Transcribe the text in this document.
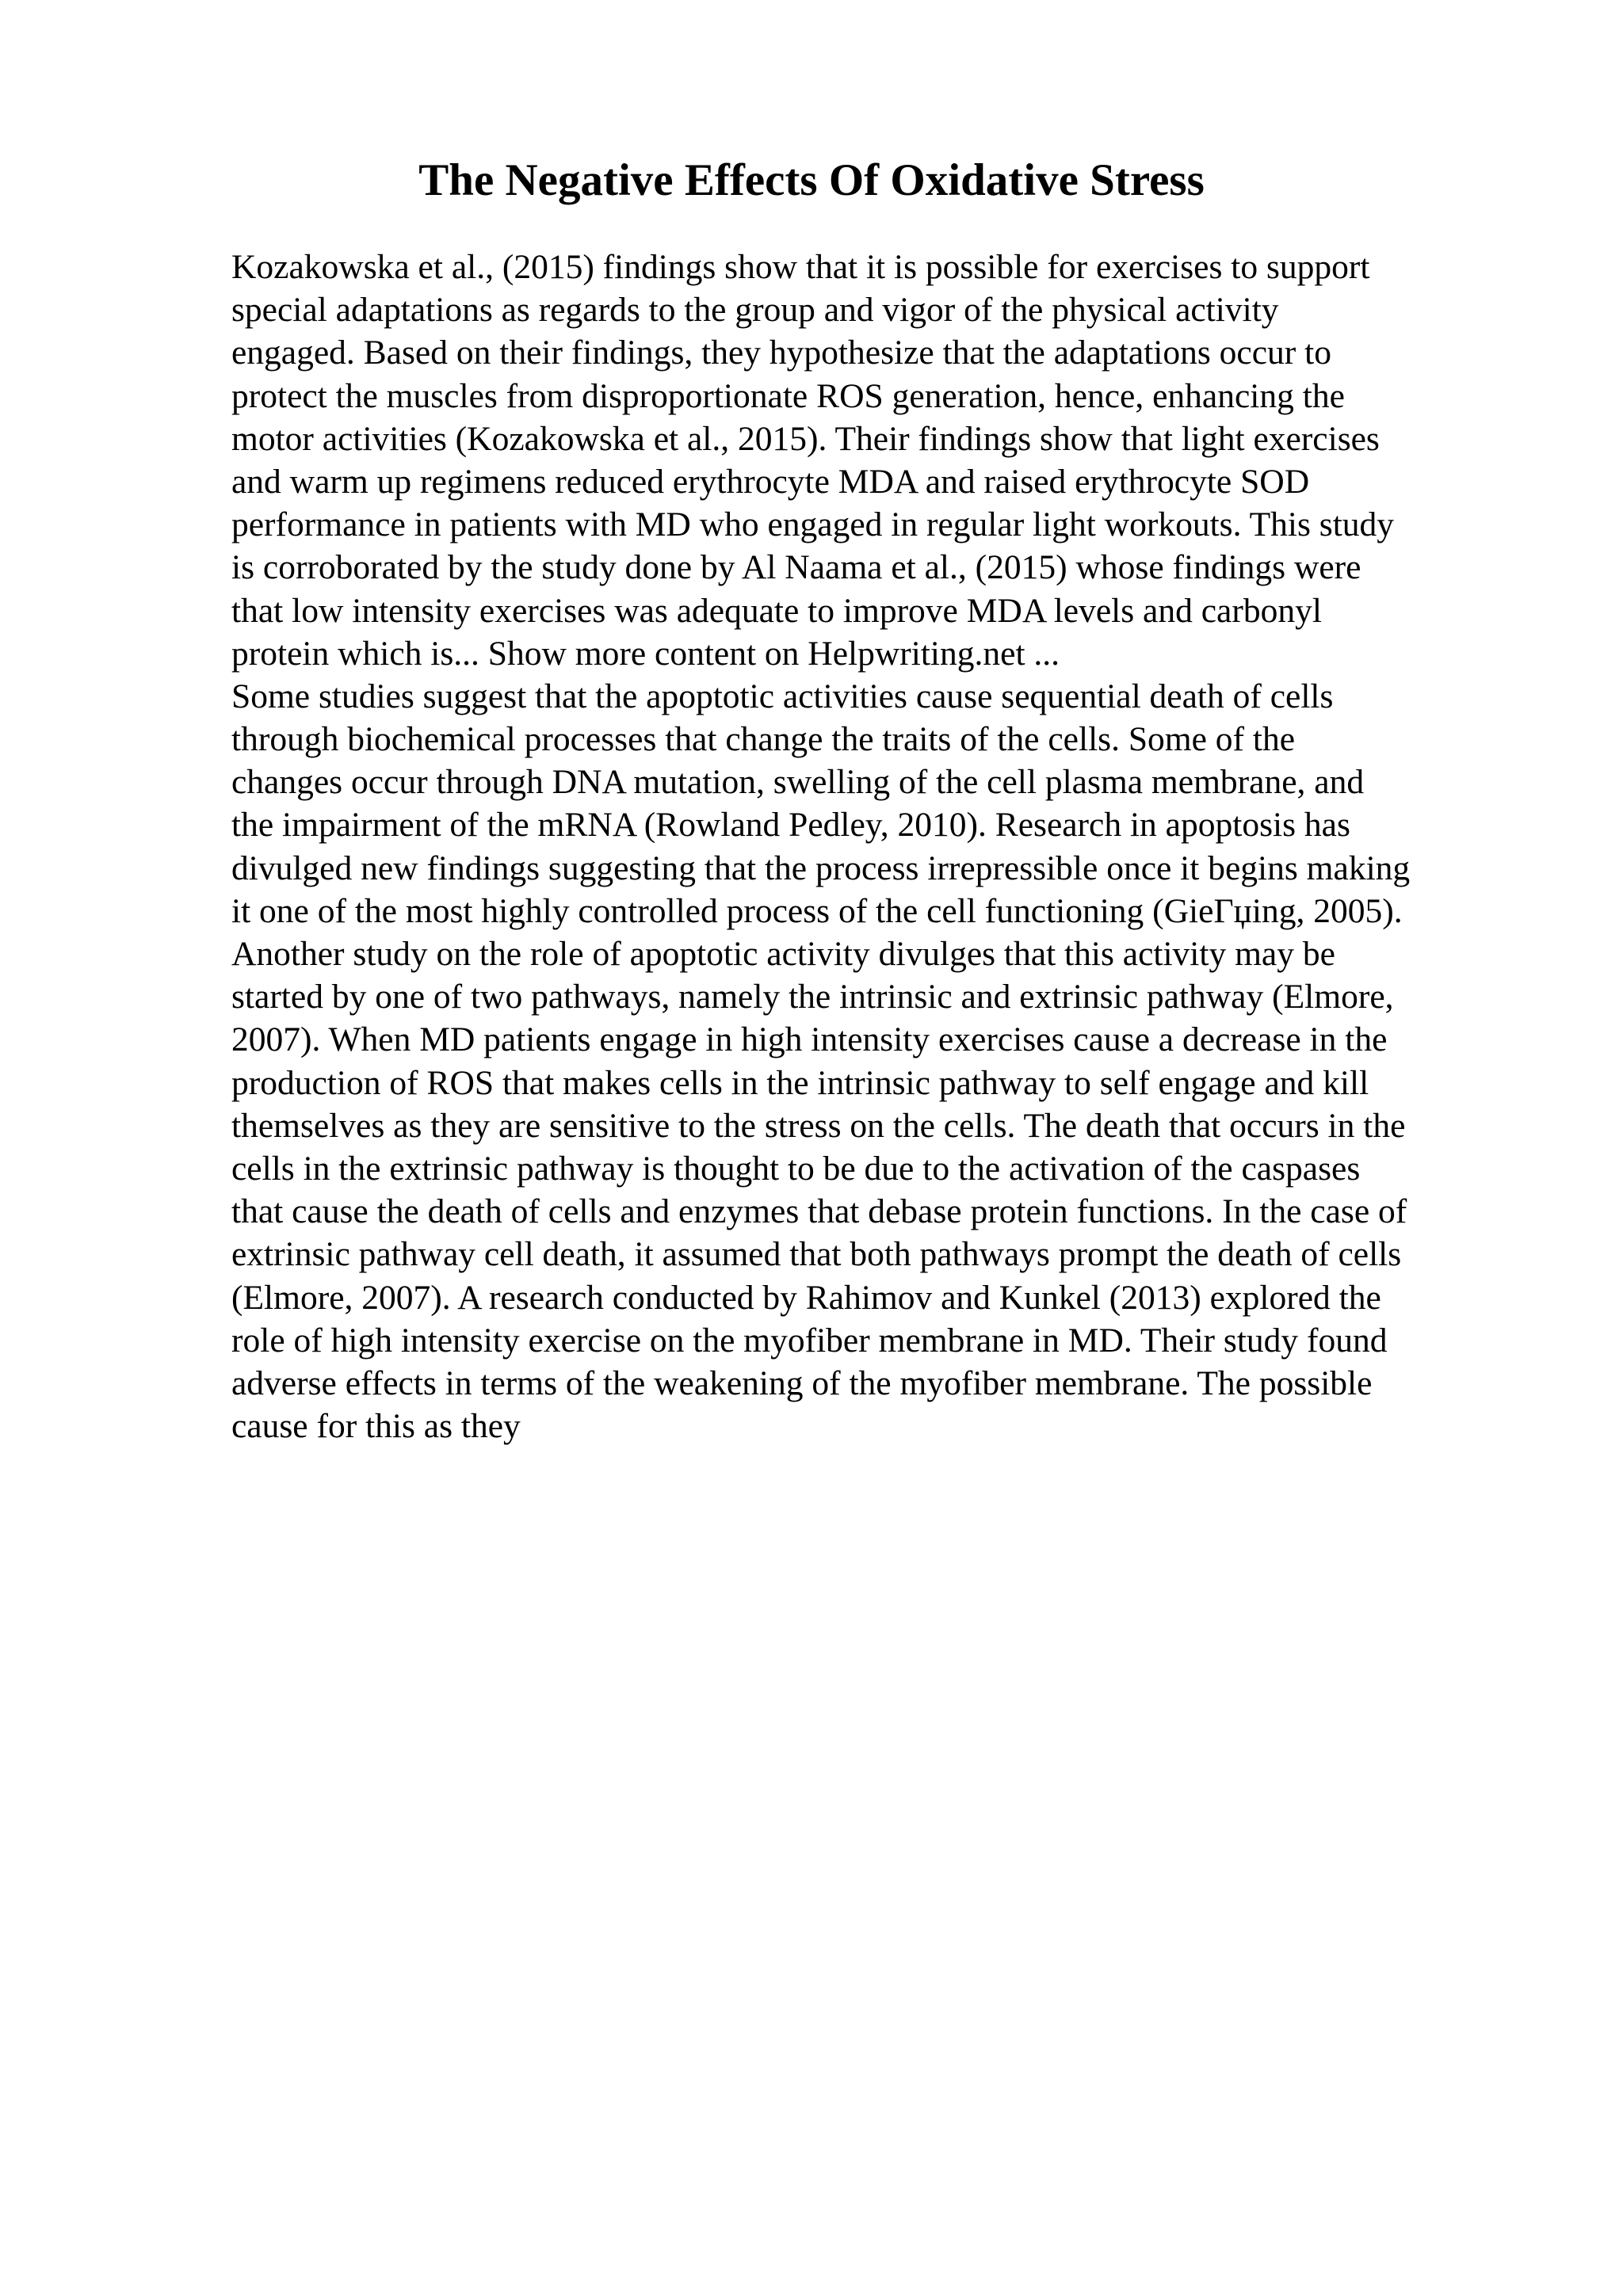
The Negative Effects Of Oxidative Stress
Kozakowska et al., (2015) findings show that it is possible for exercises to support
special adaptations as regards to the group and vigor of the physical activity
engaged. Based on their findings, they hypothesize that the adaptations occur to
protect the muscles from disproportionate ROS generation, hence, enhancing the
motor activities (Kozakowska et al., 2015). Their findings show that light exercises
and warm up regimens reduced erythrocyte MDA and raised erythrocyte SOD
performance in patients with MD who engaged in regular light workouts. This study
is corroborated by the study done by Al Naama et al., (2015) whose findings were
that low intensity exercises was adequate to improve MDA levels and carbonyl
protein which is... Show more content on Helpwriting.net ...
Some studies suggest that the apoptotic activities cause sequential death of cells
through biochemical processes that change the traits of the cells. Some of the
changes occur through DNA mutation, swelling of the cell plasma membrane, and
the impairment of the mRNA (Rowland Pedley, 2010). Research in apoptosis has
divulged new findings suggesting that the process irrepressible once it begins making
it one of the most highly controlled process of the cell functioning (GieΓџing, 2005).
Another study on the role of apoptotic activity divulges that this activity may be
started by one of two pathways, namely the intrinsic and extrinsic pathway (Elmore,
2007). When MD patients engage in high intensity exercises cause a decrease in the
production of ROS that makes cells in the intrinsic pathway to self engage and kill
themselves as they are sensitive to the stress on the cells. The death that occurs in the
cells in the extrinsic pathway is thought to be due to the activation of the caspases
that cause the death of cells and enzymes that debase protein functions. In the case of
extrinsic pathway cell death, it assumed that both pathways prompt the death of cells
(Elmore, 2007). A research conducted by Rahimov and Kunkel (2013) explored the
role of high intensity exercise on the myofiber membrane in MD. Their study found
adverse effects in terms of the weakening of the myofiber membrane. The possible
cause for this as they
